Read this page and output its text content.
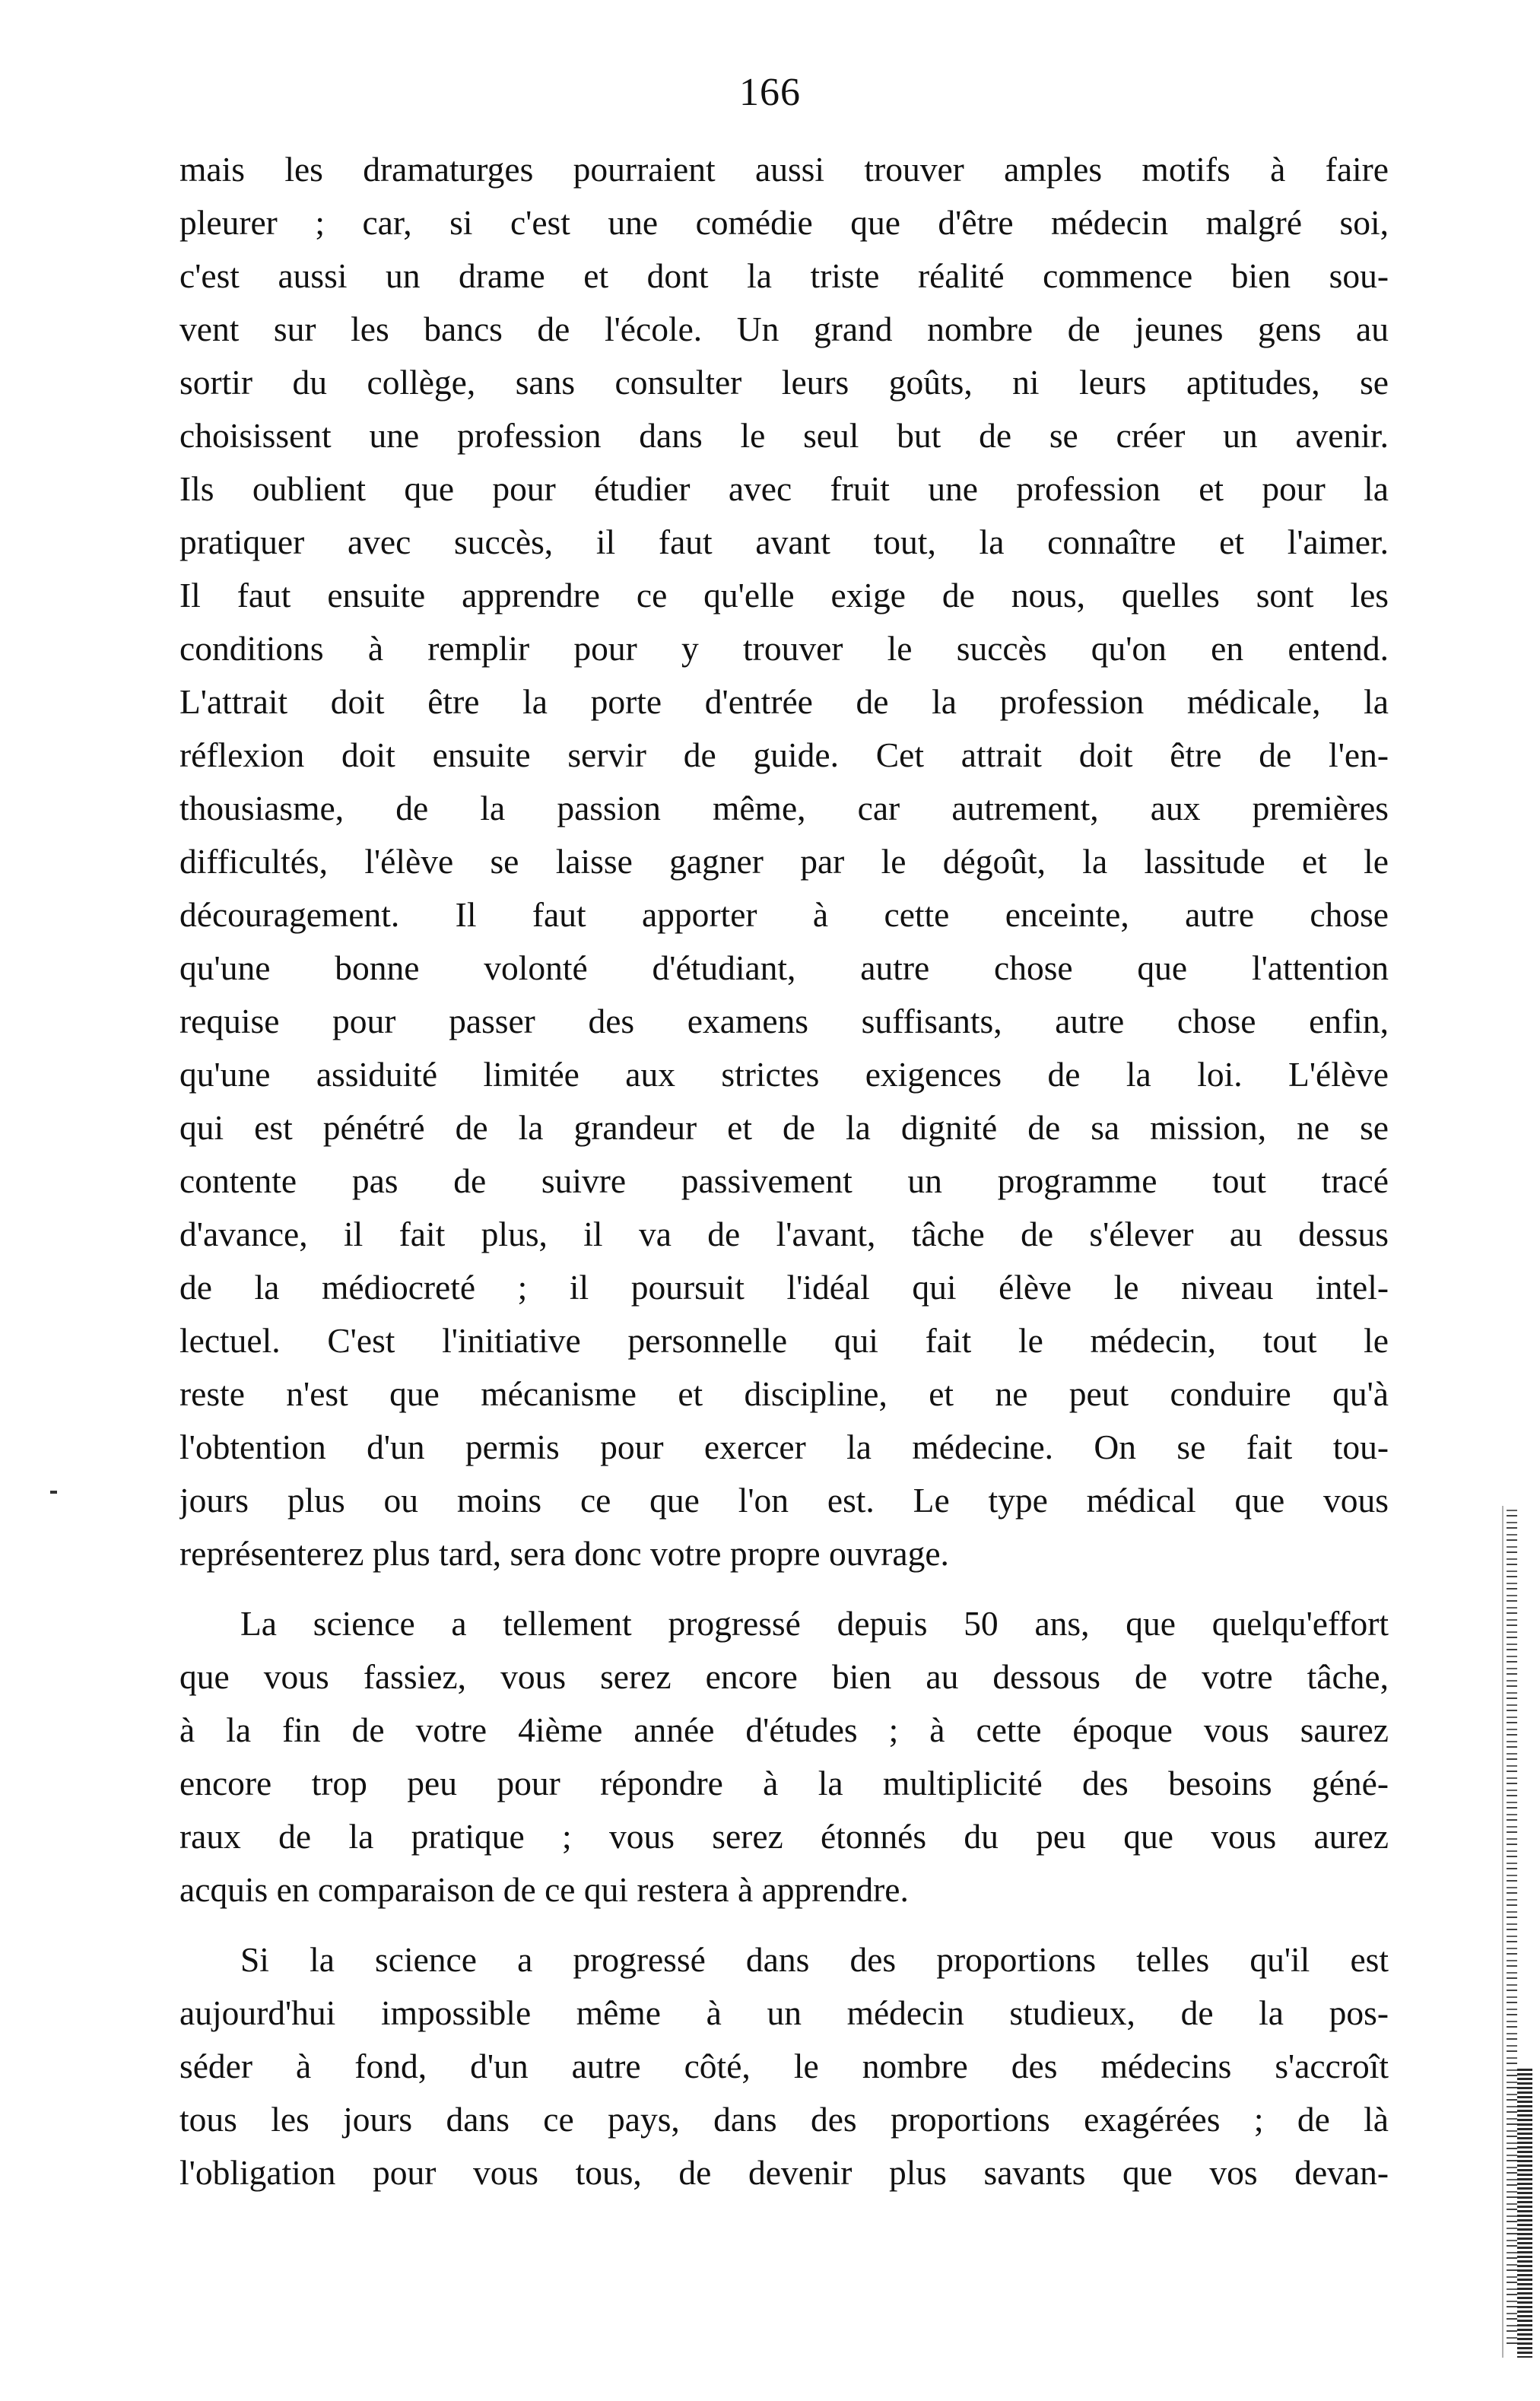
166
mais les dramaturges pourraient aussi trouver amples motifs à faire
pleurer ; car, si c'est une comédie que d'être médecin malgré soi,
c'est aussi un drame et dont la triste réalité commence bien sou-
vent sur les bancs de l'école. Un grand nombre de jeunes gens au
sortir du collège, sans consulter leurs goûts, ni leurs aptitudes, se
choisissent une profession dans le seul but de se créer un avenir.
Ils oublient que pour étudier avec fruit une profession et pour la
pratiquer avec succès, il faut avant tout, la connaître et l'aimer.
Il faut ensuite apprendre ce qu'elle exige de nous, quelles sont les
conditions à remplir pour y trouver le succès qu'on en entend.
L'attrait doit être la porte d'entrée de la profession médicale, la
réflexion doit ensuite servir de guide. Cet attrait doit être de l'en-
thousiasme, de la passion même, car autrement, aux premières
difficultés, l'élève se laisse gagner par le dégoût, la lassitude et le
découragement. Il faut apporter à cette enceinte, autre chose
qu'une bonne volonté d'étudiant, autre chose que l'attention
requise pour passer des examens suffisants, autre chose enfin,
qu'une assiduité limitée aux strictes exigences de la loi. L'élève
qui est pénétré de la grandeur et de la dignité de sa mission, ne se
contente pas de suivre passivement un programme tout tracé
d'avance, il fait plus, il va de l'avant, tâche de s'élever au dessus
de la médiocreté ; il poursuit l'idéal qui élève le niveau intel-
lectuel. C'est l'initiative personnelle qui fait le médecin, tout le
reste n'est que mécanisme et discipline, et ne peut conduire qu'à
l'obtention d'un permis pour exercer la médecine. On se fait tou-
jours plus ou moins ce que l'on est. Le type médical que vous
représenterez plus tard, sera donc votre propre ouvrage.
La science a tellement progressé depuis 50 ans, que quelqu'effort
que vous fassiez, vous serez encore bien au dessous de votre tâche,
à la fin de votre 4ième année d'études ; à cette époque vous saurez
encore trop peu pour répondre à la multiplicité des besoins géné-
raux de la pratique ; vous serez étonnés du peu que vous aurez
acquis en comparaison de ce qui restera à apprendre.
Si la science a progressé dans des proportions telles qu'il est
aujourd'hui impossible même à un médecin studieux, de la pos-
séder à fond, d'un autre côté, le nombre des médecins s'accroît
tous les jours dans ce pays, dans des proportions exagérées ; de là
l'obligation pour vous tous, de devenir plus savants que vos devan-
